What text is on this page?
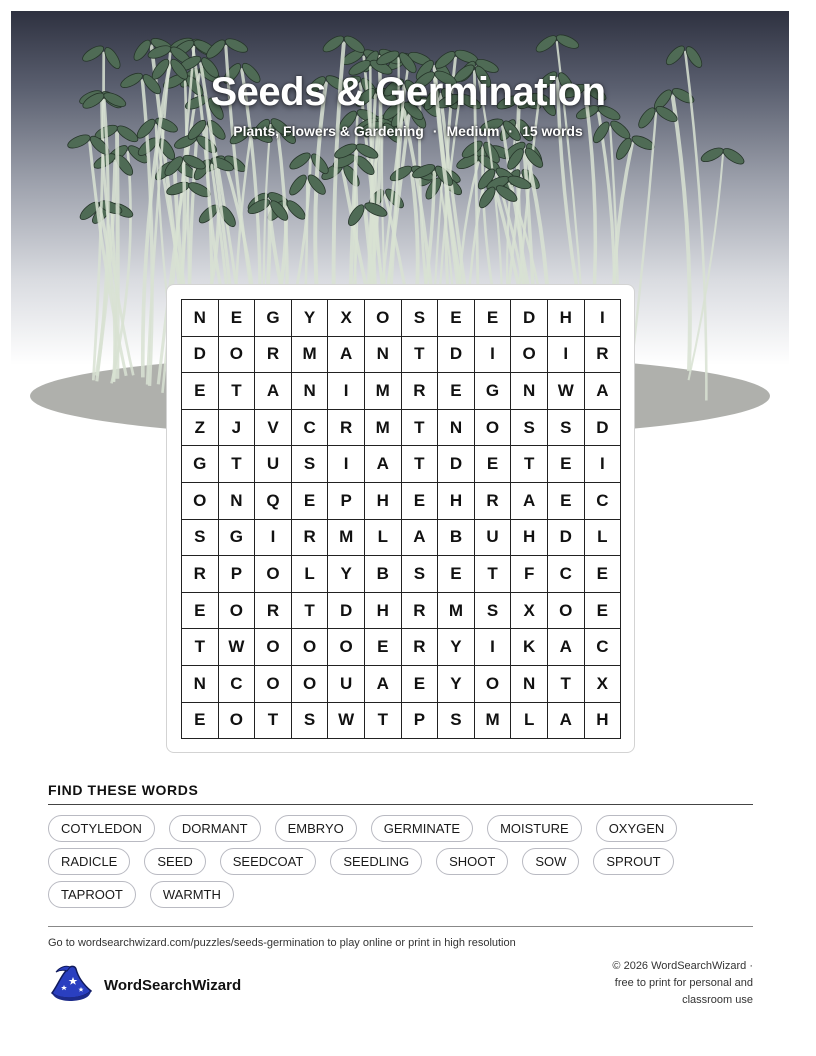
Seeds & Germination
Plants, Flowers & Gardening · Medium · 15 words
N	E	G	Y	X	O	S	E	E	D	H	I
D	O	R	M	A	N	T	D	I	O	I	R
E	T	A	N	I	M	R	E	G	N	W	A
Z	J	V	C	R	M	T	N	O	S	S	D
G	T	U	S	I	A	T	D	E	T	E	I
O	N	Q	E	P	H	E	H	R	A	E	C
S	G	I	R	M	L	A	B	U	H	D	L
R	P	O	L	Y	B	S	E	T	F	C	E
E	O	R	T	D	H	R	M	S	X	O	E
T	W	O	O	O	E	R	Y	I	K	A	C
N	C	O	O	U	A	E	Y	O	N	T	X
E	O	T	S	W	T	P	S	M	L	A	H
FIND THESE WORDS
COTYLEDON	DORMANT	EMBRYO	GERMINATE	MOISTURE	OXYGEN
RADICLE	SEED	SEEDCOAT	SEEDLING	SHOOT	SOW	SPROUT
TAPROOT	WARMTH
Go to wordsearchwizard.com/puzzles/seeds-germination to play online or print in high resolution
WordSearchWizard
© 2026 WordSearchWizard ·
free to print for personal and
classroom use
